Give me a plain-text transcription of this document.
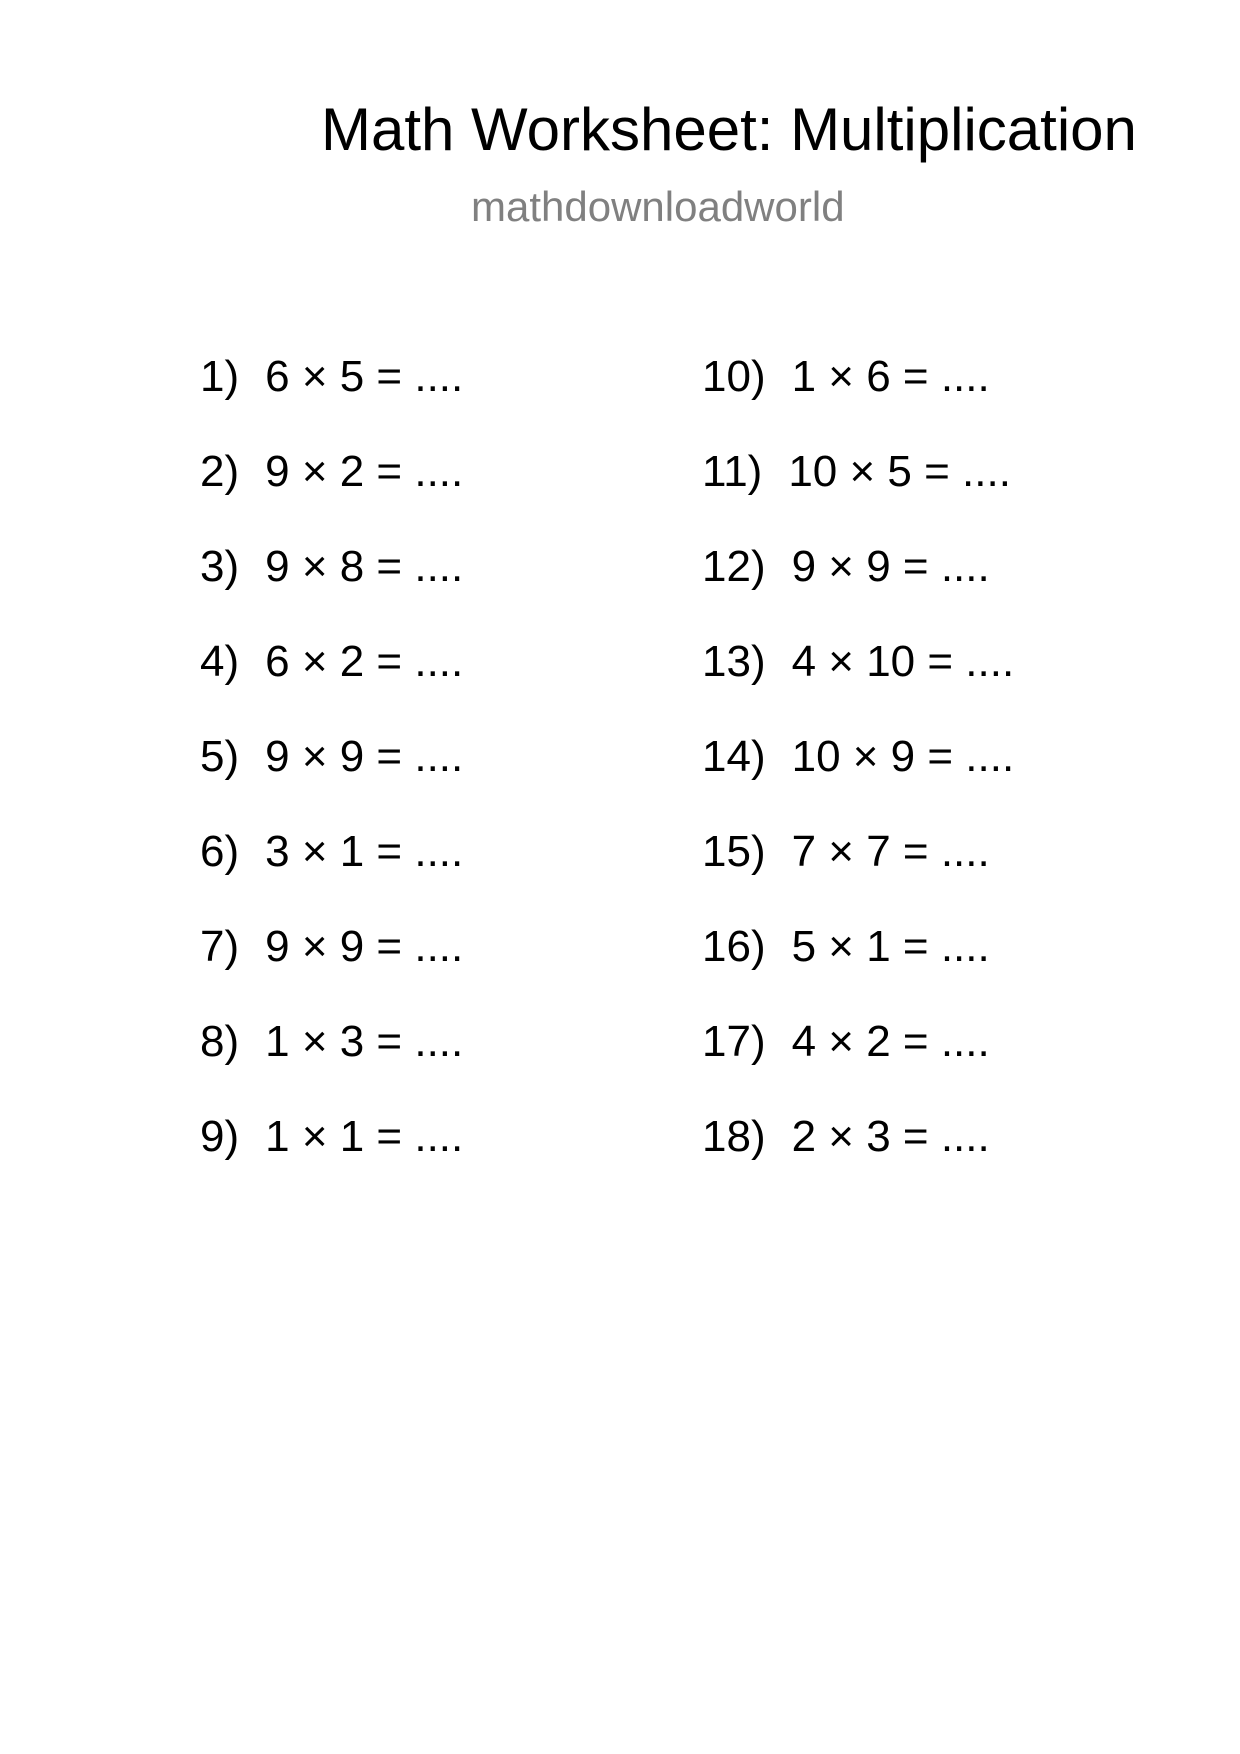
Math Worksheet: Multiplication
mathdownloadworld
1) 6 × 5 = ....
2) 9 × 2 = ....
3) 9 × 8 = ....
4) 6 × 2 = ....
5) 9 × 9 = ....
6) 3 × 1 = ....
7) 9 × 9 = ....
8) 1 × 3 = ....
9) 1 × 1 = ....
10) 1 × 6 = ....
11) 10 × 5 = ....
12) 9 × 9 = ....
13) 4 × 10 = ....
14) 10 × 9 = ....
15) 7 × 7 = ....
16) 5 × 1 = ....
17) 4 × 2 = ....
18) 2 × 3 = ....
